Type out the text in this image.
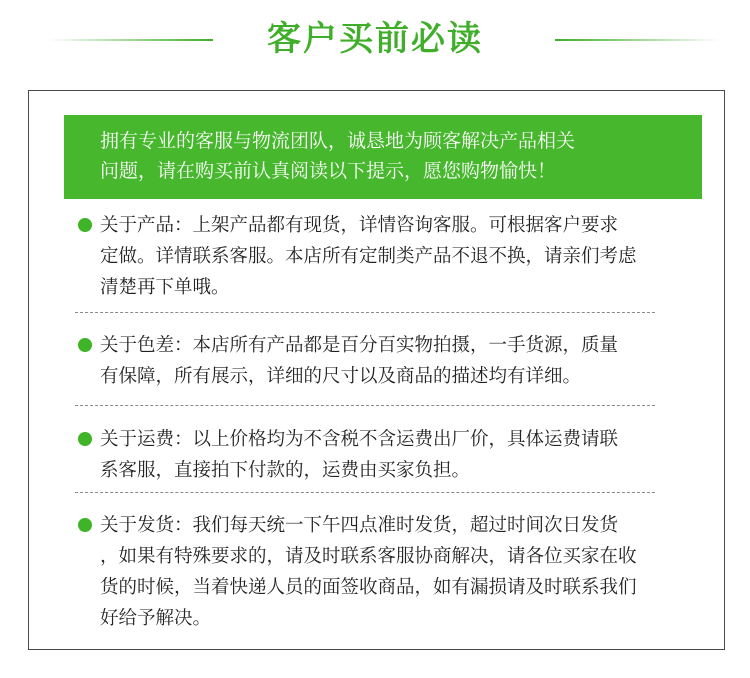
客户买前必读
拥有专业的客服与物流团队，诚恳地为顾客解决产品相关
问题，请在购买前认真阅读以下提示，愿您购物愉快！
关于产品：上架产品都有现货，详情咨询客服。可根据客户要求
定做。详情联系客服。本店所有定制类产品不退不换，请亲们考虑
清楚再下单哦。
关于色差：本店所有产品都是百分百实物拍摄，一手货源，质量
有保障，所有展示，详细的尺寸以及商品的描述均有详细。
关于运费：以上价格均为不含税不含运费出厂价，具体运费请联
系客服，直接拍下付款的，运费由买家负担。
关于发货：我们每天统一下午四点准时发货，超过时间次日发货
，如果有特殊要求的，请及时联系客服协商解决，请各位买家在收
货的时候，当着快递人员的面签收商品，如有漏损请及时联系我们
好给予解决。
